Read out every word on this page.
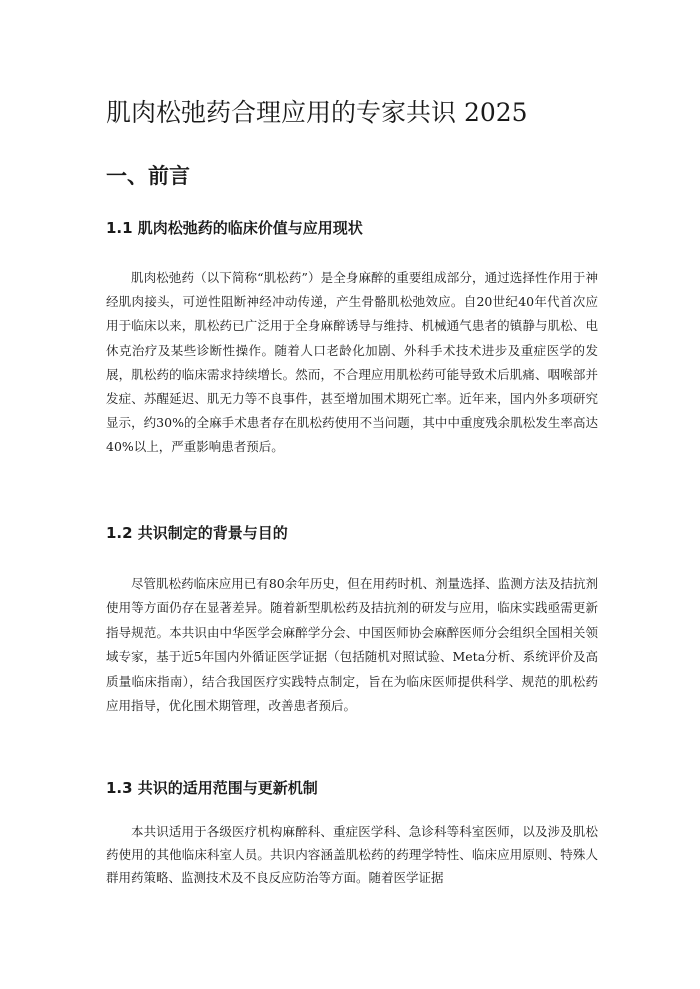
肌肉松弛药合理应用的专家共识 2025
一、前言
1.1 肌肉松弛药的临床价值与应用现状

肌肉松弛药（以下简称“肌松药”）是全身麻醉的重要组成部分，通过选择性作用于神经肌肉接头，可逆性阻断神经冲动传递，产生骨骼肌松弛效应。自20世纪40年代首次应用于临床以来，肌松药已广泛用于全身麻醉诱导与维持、机械通气患者的镇静与肌松、电休克治疗及某些诊断性操作。随着人口老龄化加剧、外科手术技术进步及重症医学的发展，肌松药的临床需求持续增长。然而，不合理应用肌松药可能导致术后肌痛、咽喉部并发症、苏醒延迟、肌无力等不良事件，甚至增加围术期死亡率。近年来，国内外多项研究显示，约30%的全麻手术患者存在肌松药使用不当问题，其中中重度残余肌松发生率高达40%以上，严重影响患者预后。

1.2 共识制定的背景与目的

尽管肌松药临床应用已有80余年历史，但在用药时机、剂量选择、监测方法及拮抗剂使用等方面仍存在显著差异。随着新型肌松药及拮抗剂的研发与应用，临床实践亟需更新指导规范。本共识由中华医学会麻醉学分会、中国医师协会麻醉医师分会组织全国相关领域专家，基于近5年国内外循证医学证据（包括随机对照试验、Meta分析、系统评价及高质量临床指南），结合我国医疗实践特点制定，旨在为临床医师提供科学、规范的肌松药应用指导，优化围术期管理，改善患者预后。

1.3 共识的适用范围与更新机制

本共识适用于各级医疗机构麻醉科、重症医学科、急诊科等科室医师，以及涉及肌松药使用的其他临床科室人员。共识内容涵盖肌松药的药理学特性、临床应用原则、特殊人群用药策略、监测技术及不良反应防治等方面。随着医学证据
